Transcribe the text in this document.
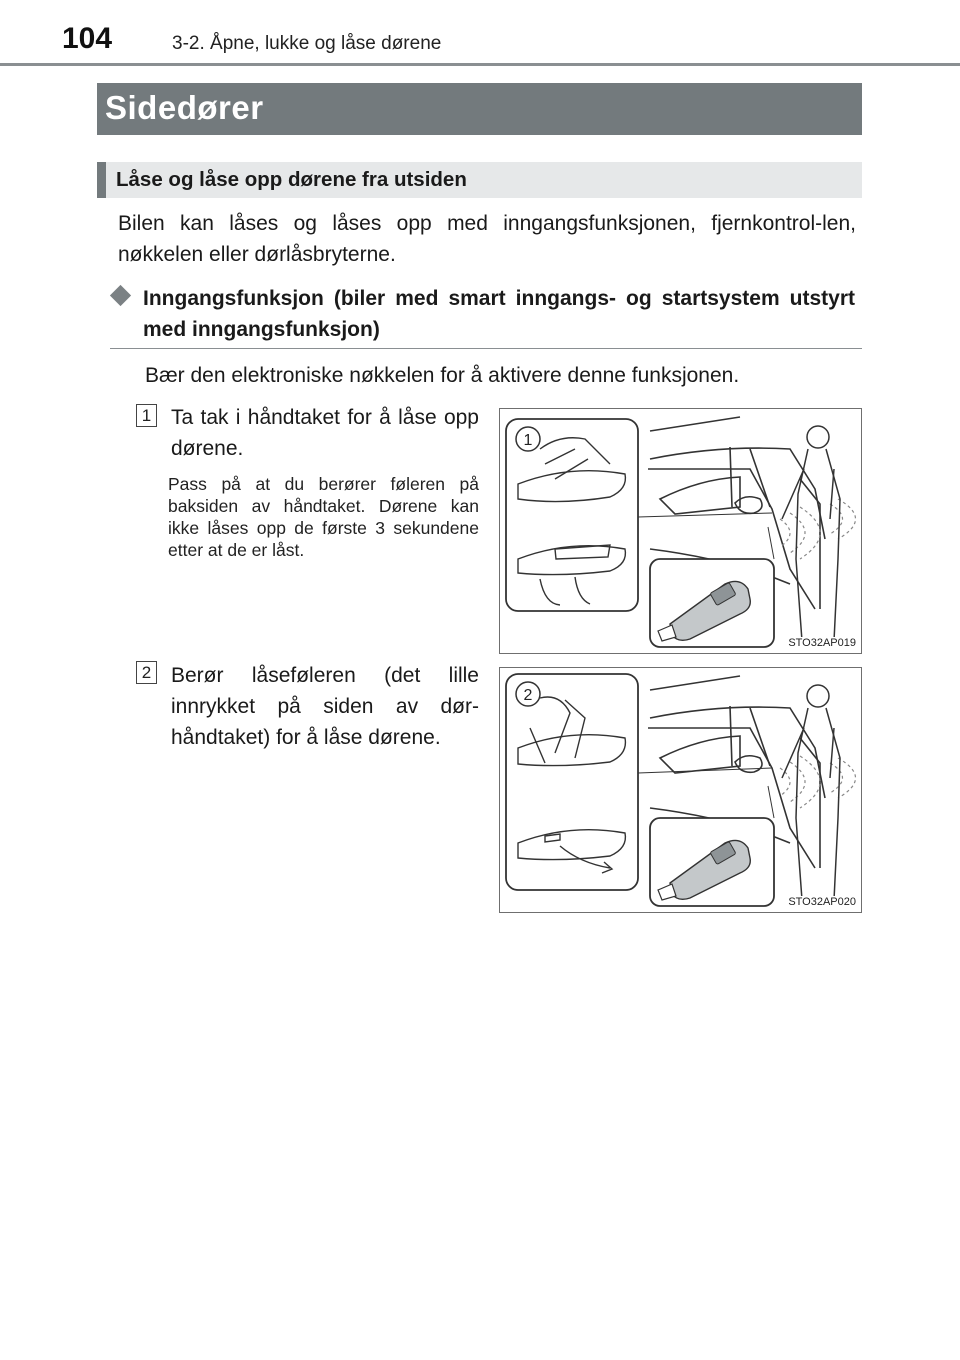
104	3-2. Åpne, lukke og låse dørene
Sidedører
Låse og låse opp dørene fra utsiden
Bilen kan låses og låses opp med inngangsfunksjonen, fjernkontrol-len, nøkkelen eller dørlåsbryterne.
Inngangsfunksjon (biler med smart inngangs- og startsystem utstyrt med inngangsfunksjon)
Bær den elektroniske nøkkelen for å aktivere denne funksjonen.
1 Ta tak i håndtaket for å låse opp dørene.
Pass på at du berører føleren på baksiden av håndtaket. Dørene kan ikke låses opp de første 3 sekundene etter at de er låst.
1
STO32AP019
2 Berør låseføleren (det lille innrykket på siden av dør-håndtaket) for å låse dørene.
2
STO32AP020
